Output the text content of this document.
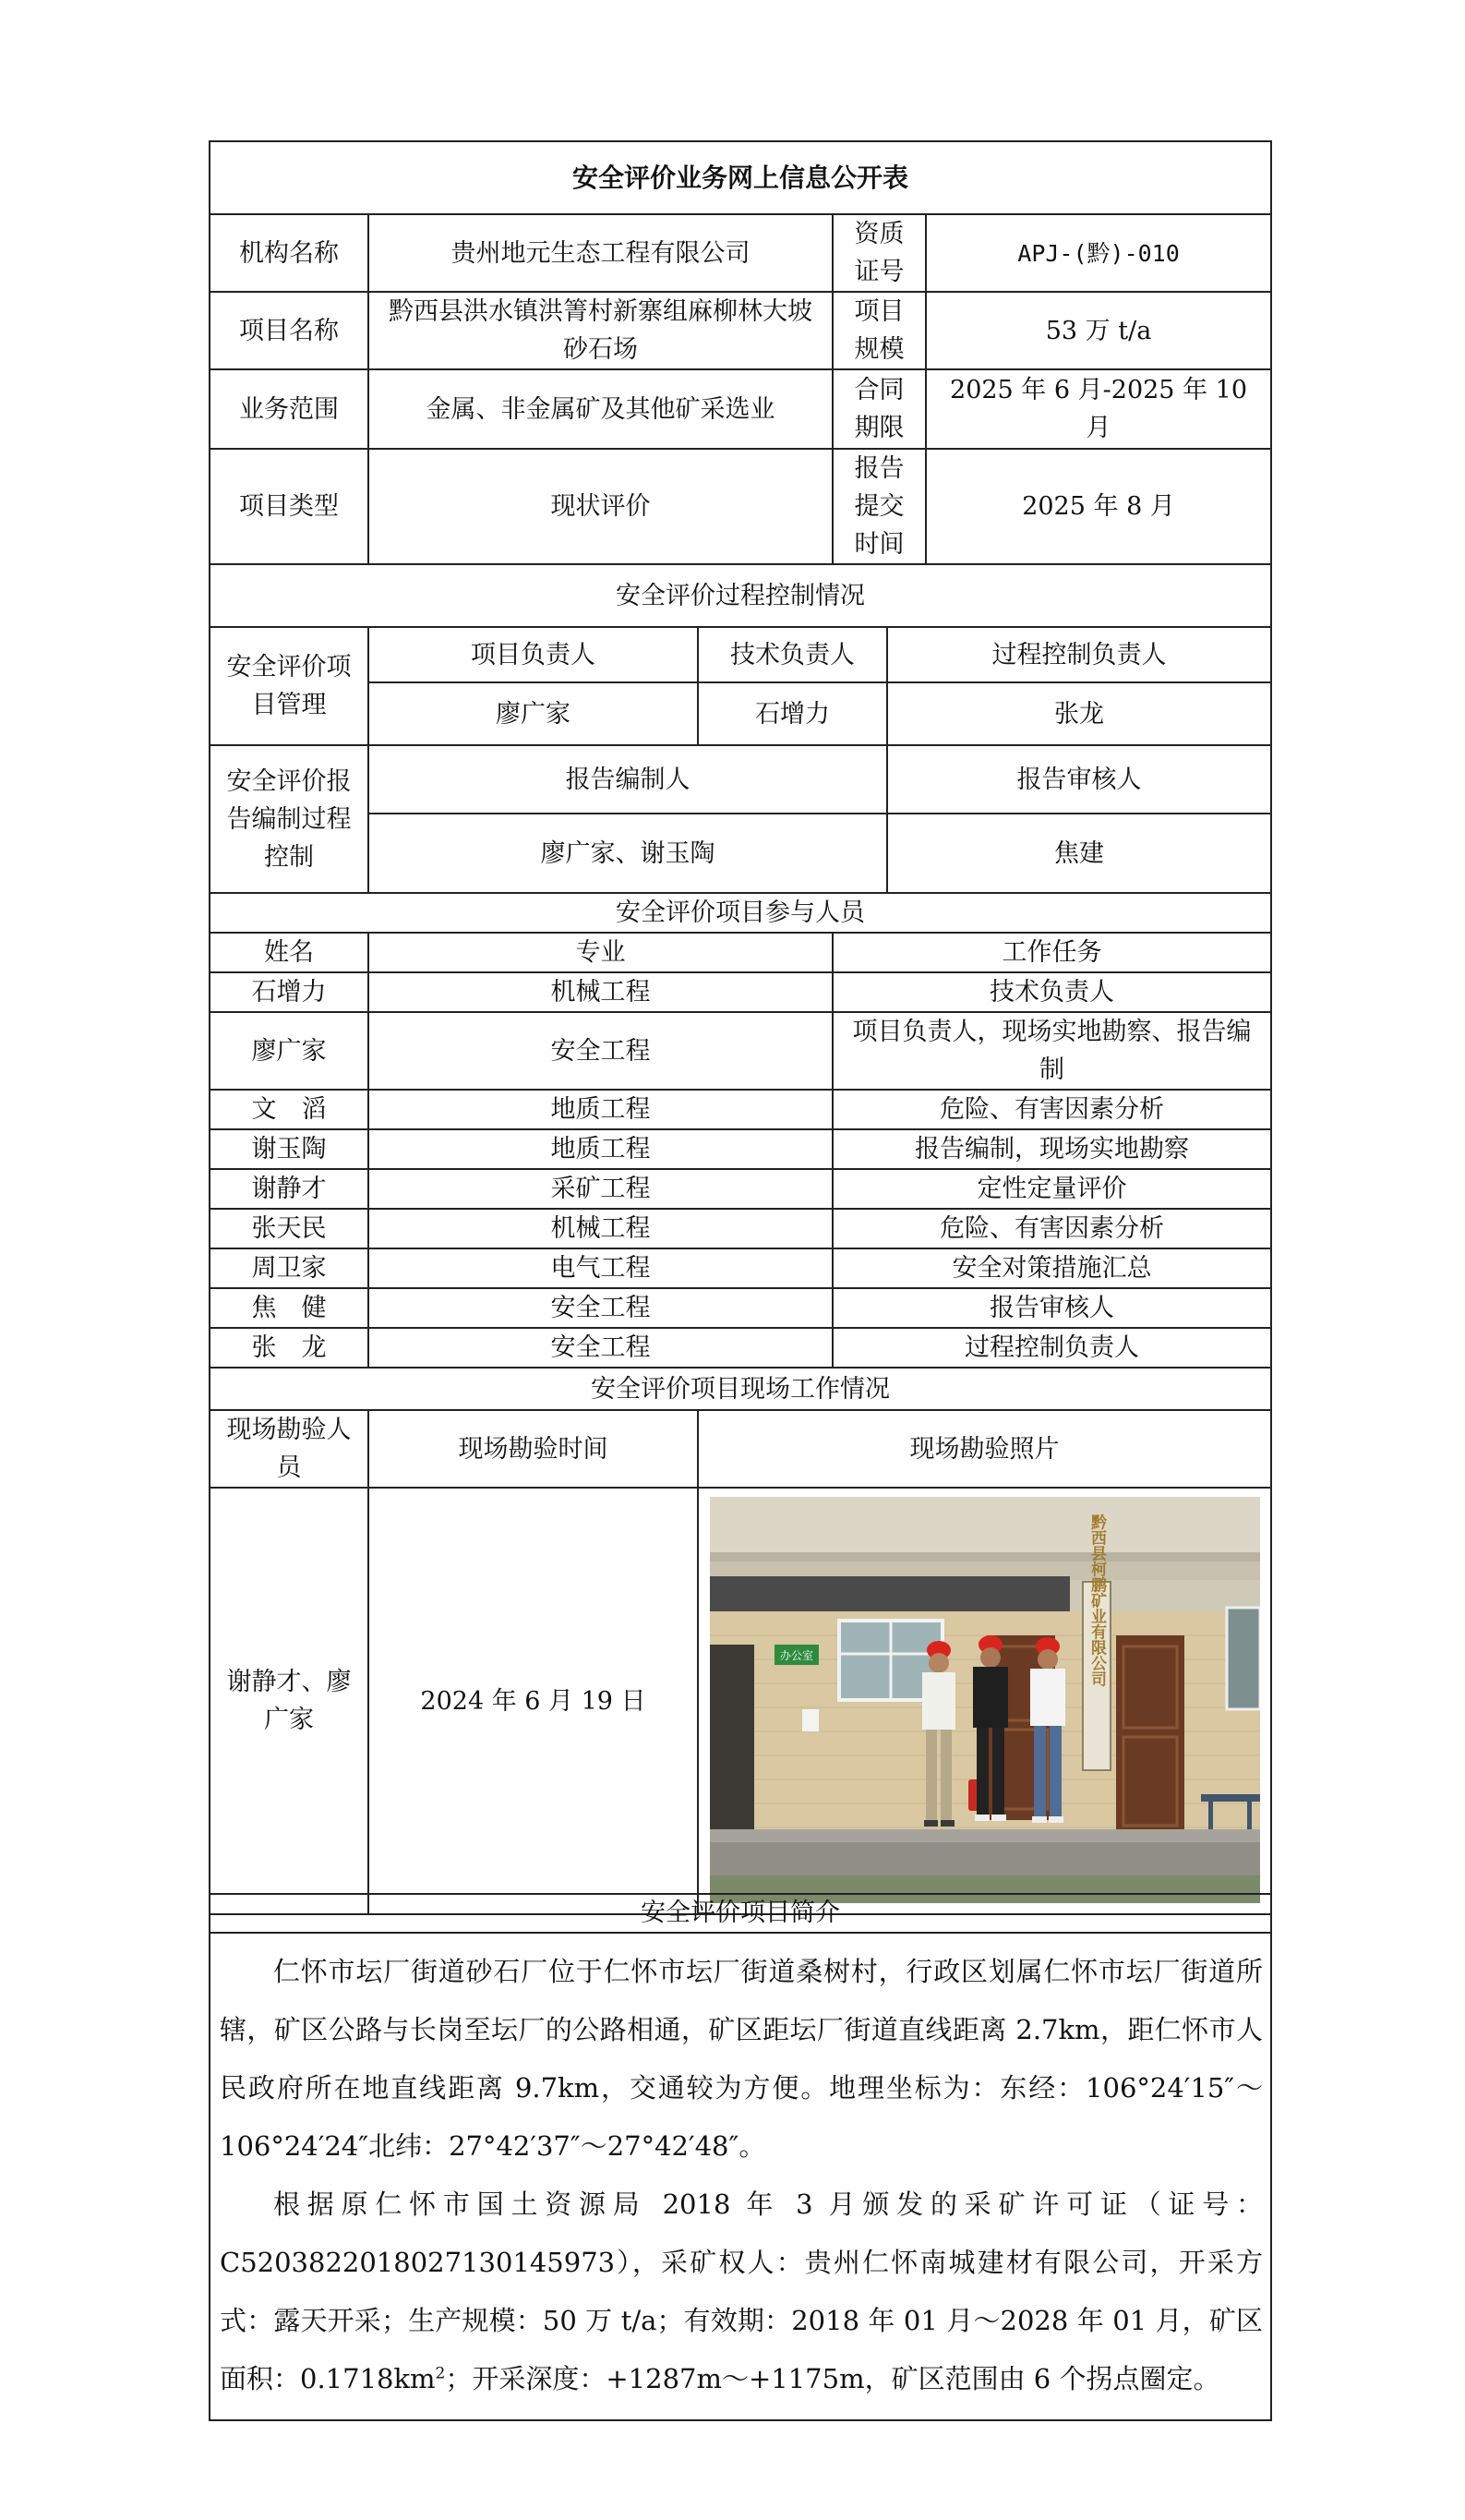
安全评价业务网上信息公开表					
机构名称	贵州地元生态工程有限公司		资质证号		APJ-(黔)-010
项目名称	黔西县洪水镇洪箐村新寨组麻柳林大坡砂石场		项目规模		53 万 t/a
业务范围	金属、非金属矿及其他矿采选业		合同期限		2025 年 6 月-2025 年 10 月
项目类型	现状评价		报告提交时间		2025 年 8 月
安全评价过程控制情况					
安全评价项目管理	项目负责人	技术负责人		过程控制负责人	
	廖广家	石增力		张龙	
安全评价报告编制过程控制	报告编制人			报告审核人	
	廖广家、谢玉陶			焦建	
安全评价项目参与人员					
姓名	专业		工作任务		
石增力	机械工程		技术负责人		
廖广家	安全工程		项目负责人，现场实地勘察、报告编制		
文　滔	地质工程		危险、有害因素分析		
谢玉陶	地质工程		报告编制，现场实地勘察		
谢静才	采矿工程		定性定量评价		
张天民	机械工程		危险、有害因素分析		
周卫家	电气工程		安全对策措施汇总		
焦　健	安全工程		报告审核人		
张　龙	安全工程		过程控制负责人		
安全评价项目现场工作情况					
现场勘验人员	现场勘验时间	现场勘验照片			
谢静才、廖广家	2024 年 6 月 19 日	办公室 黔西县柯鹏矿业有限公司			
安全评价项目简介

仁怀市坛厂街道砂石厂位于仁怀市坛厂街道桑树村，行政区划属仁怀市坛厂街道所辖，矿区公路与长岗至坛厂的公路相通，矿区距坛厂街道直线距离 2.7km，距仁怀市人民政府所在地直线距离 9.7km，交通较为方便。地理坐标为：东经：106°24′15″～106°24′24″北纬：27°42′37″～27°42′48″。

根据原仁怀市国土资源局 2018 年 3 月颁发的采矿许可证（证号：C5203822018027130145973），采矿权人：贵州仁怀南城建材有限公司，开采方式：露天开采；生产规模：50 万 t/a；有效期：2018 年 01 月～2028 年 01 月，矿区面积：$0.1718km^2$；开采深度：+1287m～+1175m，矿区范围由 6 个拐点圈定。
